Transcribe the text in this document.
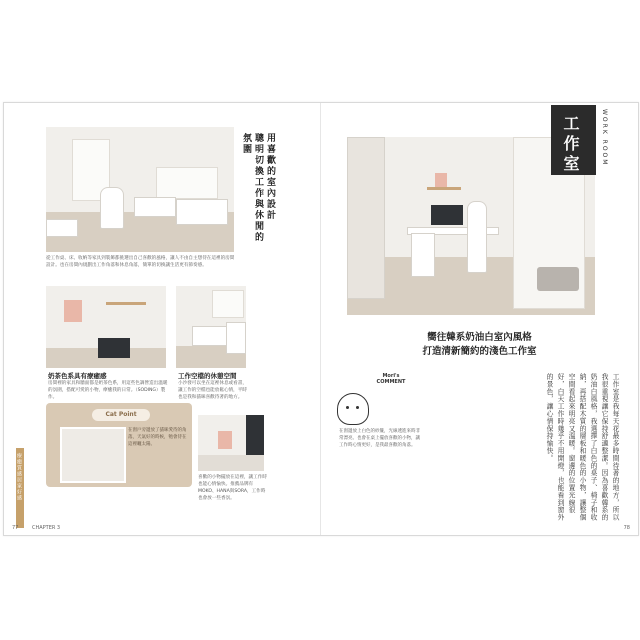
用喜歡的室內設計
聰明切換工作與休閒的氛圍
從工作桌、床、收納等家具到裝飾都挑選出自己喜歡的風格，讓人不由自主想待在這裡的房間設計。也在房間內規劃出工作角落和休息角落，簡單的切換讓生活更有節奏感。
奶茶色系具有療癒感
房間裡的家具和牆面都是奶茶色系，用這些色調營造出溫暖的氛圍，搭配可愛的小物，療癒我的日常。（SODING）製作。
工作空檔的休憩空間
小沙發可以坐在這裡休息或看書，讓工作的空檔也能放鬆心情，平時也是我和貓咪喜歡待著的地方。
Cat Point
在窗戶旁邊放了貓咪愛待的角落，天氣好的時候，牠會待在這裡曬太陽。
喜歡的小物擺放在這裡，讓工作時也能心情愉快。推薦品牌有MOKO、HANA與SORA，工作時也會放一些香氛。
療癒質感居家好感
77	CHAPTER 3
工作室	WORK ROOM
嚮往韓系奶油白室內風格
打造清新簡約的淺色工作室
Mori's COMMENT
在窗邊放上白色的紗簾，光線透進來時非常漂亮。也會在桌上擺放喜歡的小物，讓工作時心情更好，是我最喜歡的角落。	工作室是我每天花最多時間待著的地方，所以我很重視讓它保持舒適整潔。因為喜歡韓系的奶油白風格，我選擇了白色的桌子、椅子和收納，再搭配木質的層板和暖色的小物，讓整個空間看起來明亮又溫暖。窗邊的位置光線很好，白天工作時幾乎不用開燈，也能看到窗外的景色，讓心情保持愉快。
78
